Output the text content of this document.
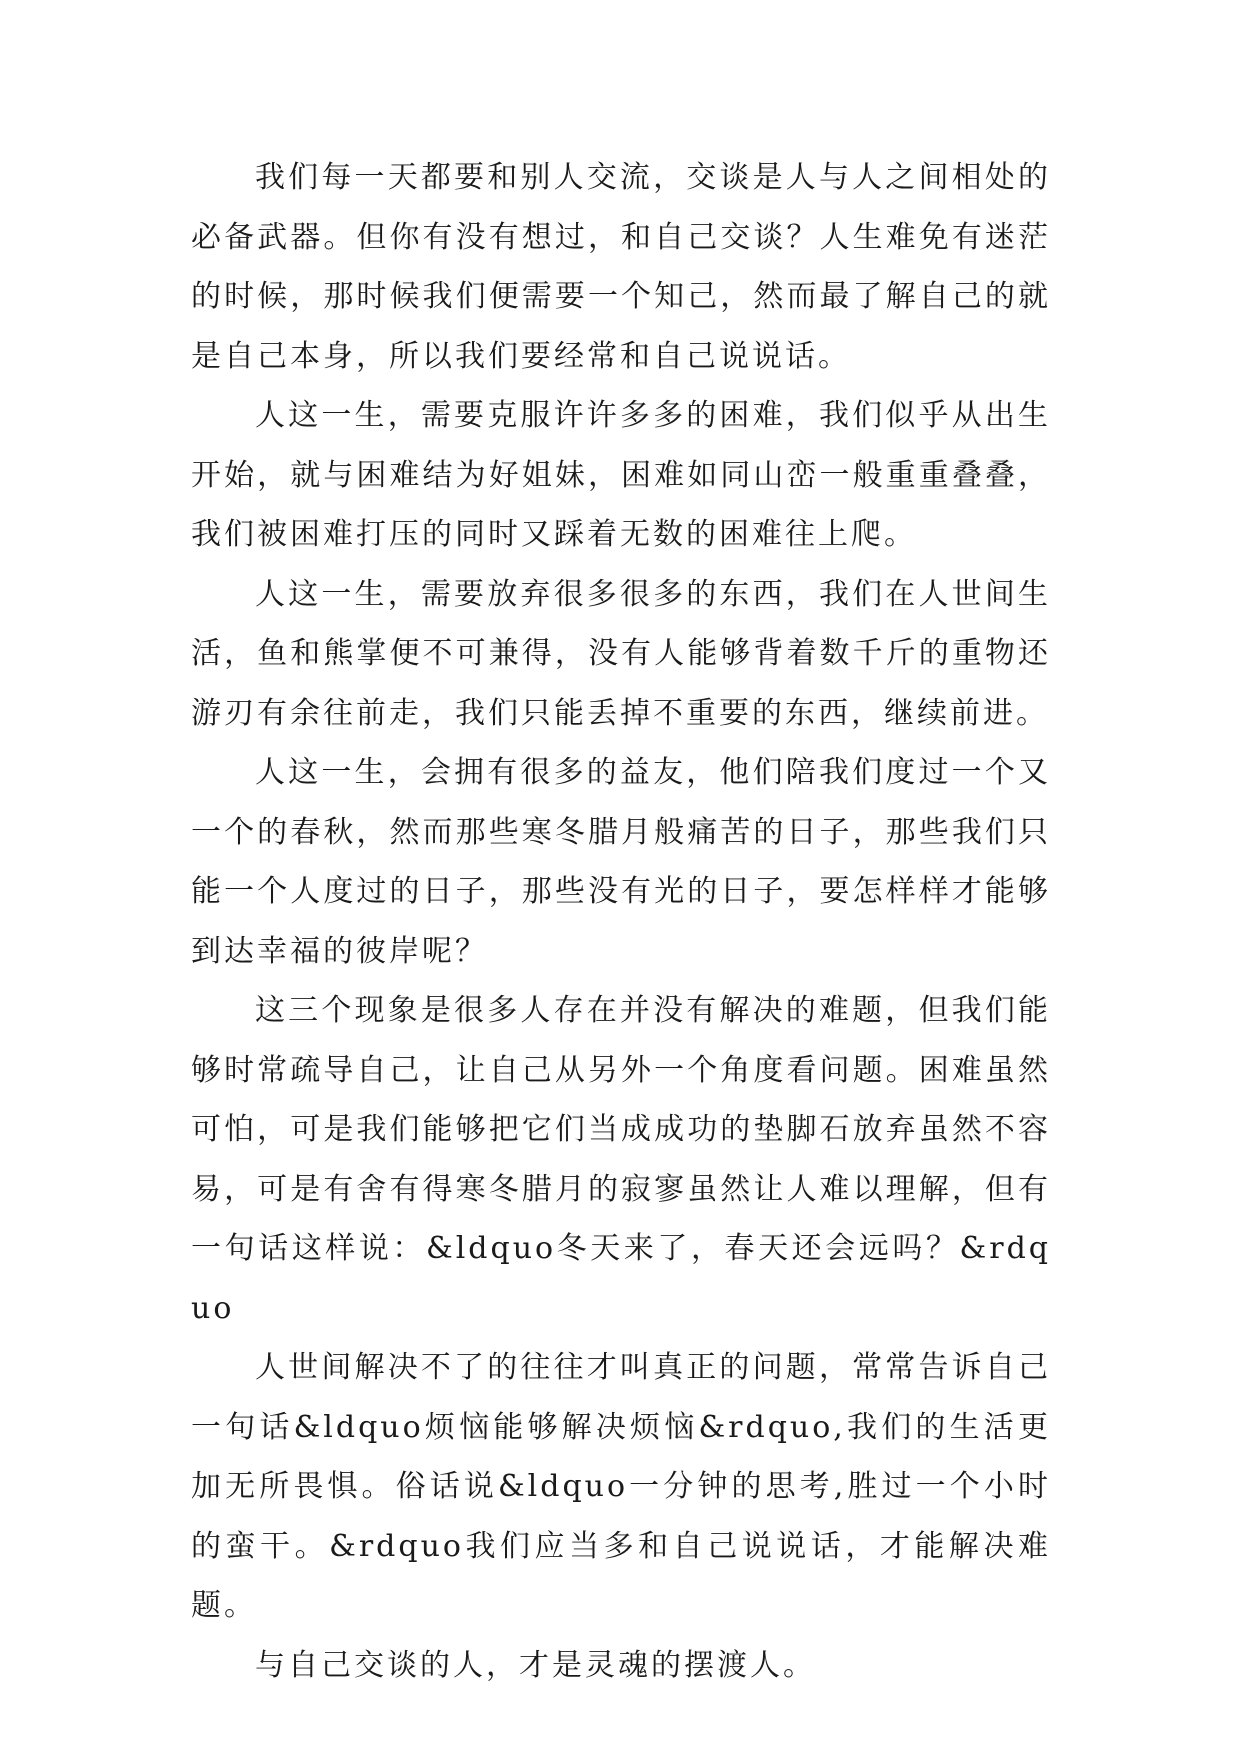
我们每一天都要和别人交流，交谈是人与人之间相处的必备武器。但你有没有想过，和自己交谈？人生难免有迷茫的时候，那时候我们便需要一个知己，然而最了解自己的就是自己本身，所以我们要经常和自己说说话。

人这一生，需要克服许许多多的困难，我们似乎从出生开始，就与困难结为好姐妹，困难如同山峦一般重重叠叠，我们被困难打压的同时又踩着无数的困难往上爬。

人这一生，需要放弃很多很多的东西，我们在人世间生活，鱼和熊掌便不可兼得，没有人能够背着数千斤的重物还游刃有余往前走，我们只能丢掉不重要的东西，继续前进。

人这一生，会拥有很多的益友，他们陪我们度过一个又一个的春秋，然而那些寒冬腊月般痛苦的日子，那些我们只能一个人度过的日子，那些没有光的日子，要怎样样才能够到达幸福的彼岸呢？

这三个现象是很多人存在并没有解决的难题，但我们能够时常疏导自己，让自己从另外一个角度看问题。困难虽然可怕，可是我们能够把它们当成成功的垫脚石放弃虽然不容易，可是有舍有得寒冬腊月的寂寥虽然让人难以理解，但有一句话这样说：&ldquo冬天来了，春天还会远吗？&rdquo

人世间解决不了的往往才叫真正的问题，常常告诉自己一句话&ldquo烦恼能够解决烦恼&rdquo,我们的生活更加无所畏惧。俗话说&ldquo一分钟的思考,胜过一个小时的蛮干。&rdquo我们应当多和自己说说话，才能解决难题。

与自己交谈的人，才是灵魂的摆渡人。
